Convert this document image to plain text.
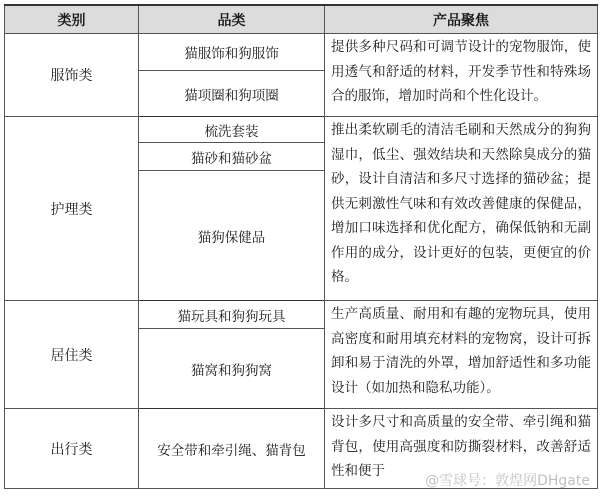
类别	品类	产品聚焦
服饰类	猫服饰和狗服饰	提供多种尺码和可调节设计的宠物服饰，使用透气和舒适的材料，开发季节性和特殊场合的服饰，增加时尚和个性化设计。
	猫项圈和狗项圈	
护理类	梳洗套装	推出柔软刷毛的清洁毛刷和天然成分的狗狗湿巾，低尘、强效结块和天然除臭成分的猫砂，设计自清洁和多尺寸选择的猫砂盆；提供无刺激性气味和有效改善健康的保健品，增加口味选择和优化配方，确保低钠和无副作用的成分，设计更好的包装，更便宜的价格。
	猫砂和猫砂盆	
	猫狗保健品	
居住类	猫玩具和狗狗玩具	生产高质量、耐用和有趣的宠物玩具，使用高密度和耐用填充材料的宠物窝，设计可拆卸和易于清洗的外罩，增加舒适性和多功能设计（如加热和隐私功能）。
	猫窝和狗狗窝	
出行类	安全带和牵引绳、猫背包	设计多尺寸和高质量的安全带、牵引绳和猫背包，使用高强度和防撕裂材料，改善舒适性和便于
@雪球号：敦煌网DHgate
